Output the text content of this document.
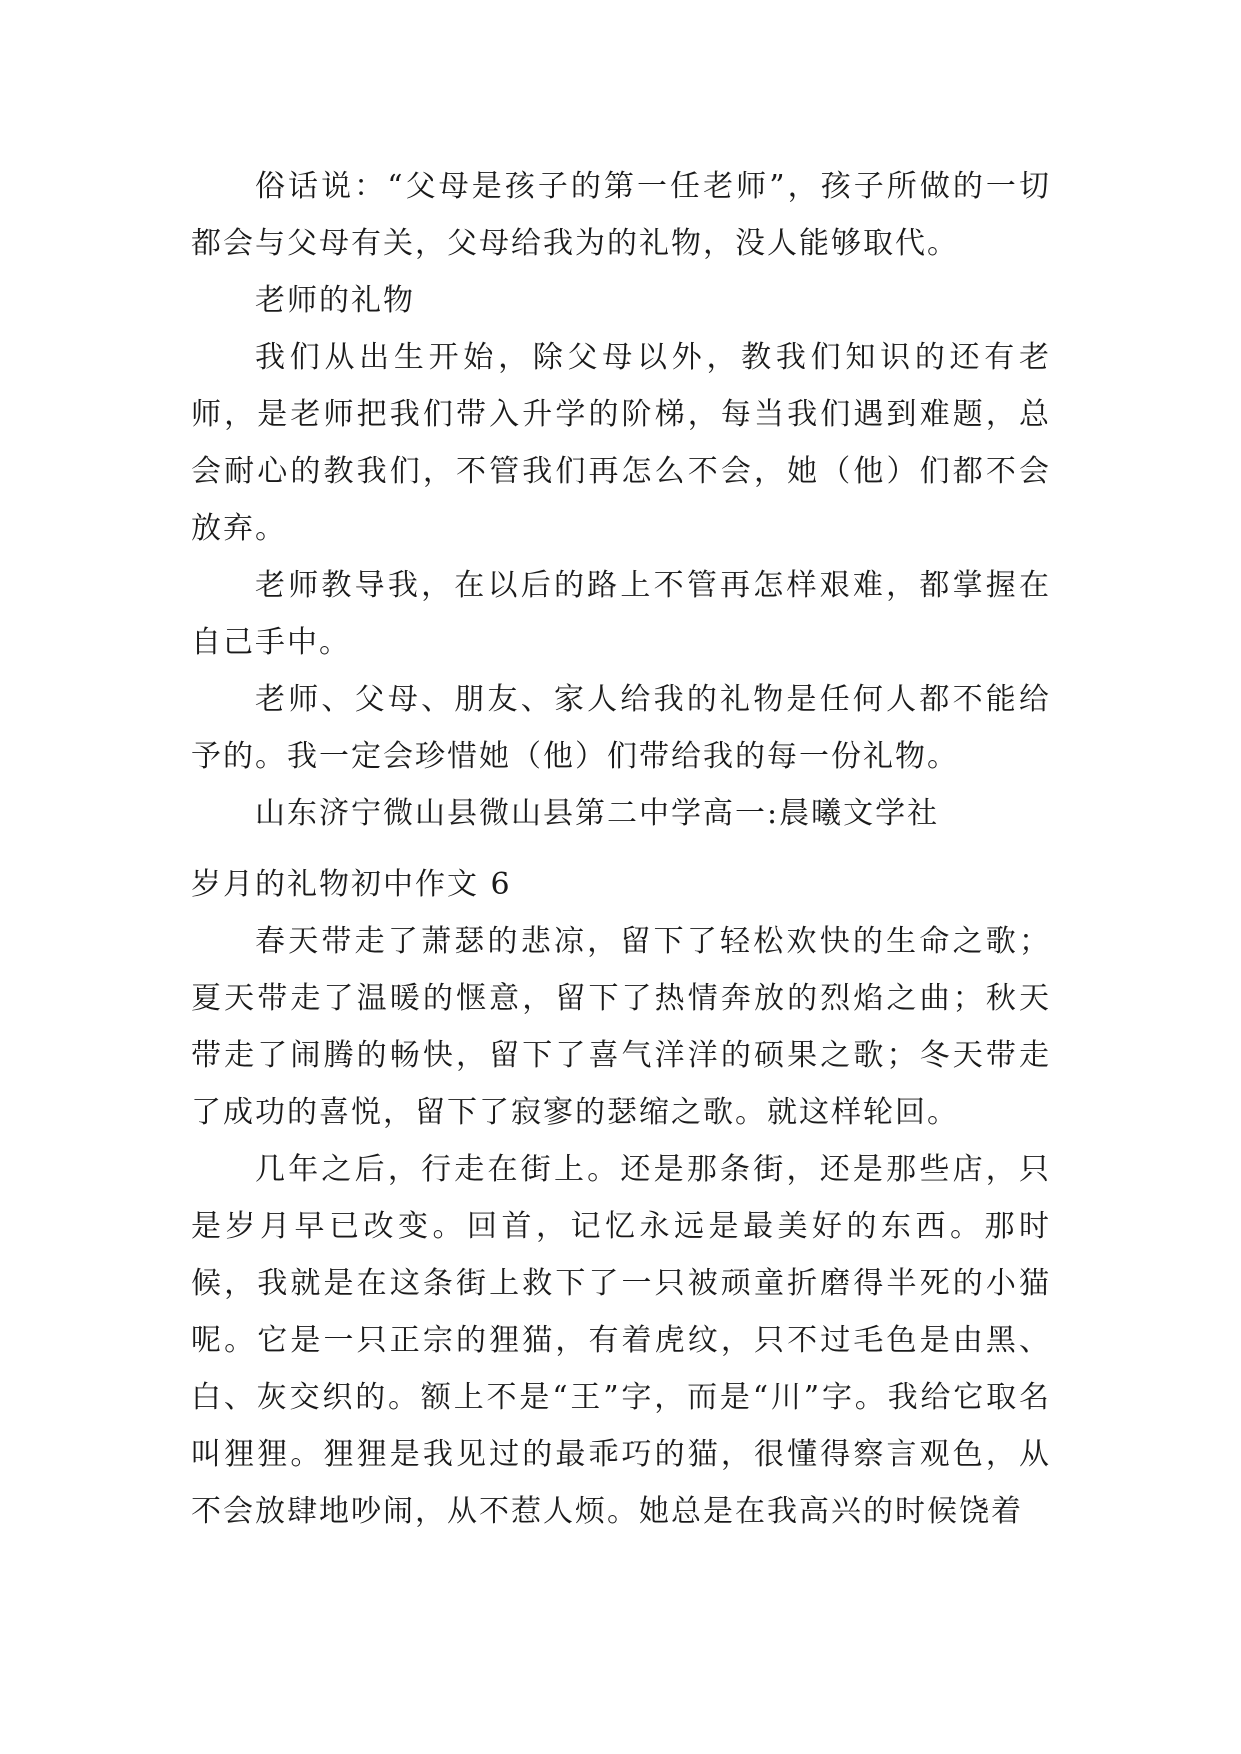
俗话说：“父母是孩子的第一任老师”，孩子所做的一切都会与父母有关，父母给我为的礼物，没人能够取代。

老师的礼物

我们从出生开始，除父母以外，教我们知识的还有老师，是老师把我们带入升学的阶梯，每当我们遇到难题，总会耐心的教我们，不管我们再怎么不会，她（他）们都不会放弃。

老师教导我，在以后的路上不管再怎样艰难，都掌握在自己手中。

老师、父母、朋友、家人给我的礼物是任何人都不能给予的。我一定会珍惜她（他）们带给我的每一份礼物。

山东济宁微山县微山县第二中学高一:晨曦文学社

岁月的礼物初中作文 6

春天带走了萧瑟的悲凉，留下了轻松欢快的生命之歌；夏天带走了温暖的惬意，留下了热情奔放的烈焰之曲；秋天带走了闹腾的畅快，留下了喜气洋洋的硕果之歌；冬天带走了成功的喜悦，留下了寂寥的瑟缩之歌。就这样轮回。

几年之后，行走在街上。还是那条街，还是那些店，只是岁月早已改变。回首，记忆永远是最美好的东西。那时候，我就是在这条街上救下了一只被顽童折磨得半死的小猫呢。它是一只正宗的狸猫，有着虎纹，只不过毛色是由黑、白、灰交织的。额上不是“王”字，而是“川”字。我给它取名叫狸狸。狸狸是我见过的最乖巧的猫，很懂得察言观色，从不会放肆地吵闹，从不惹人烦。她总是在我高兴的时候饶着
